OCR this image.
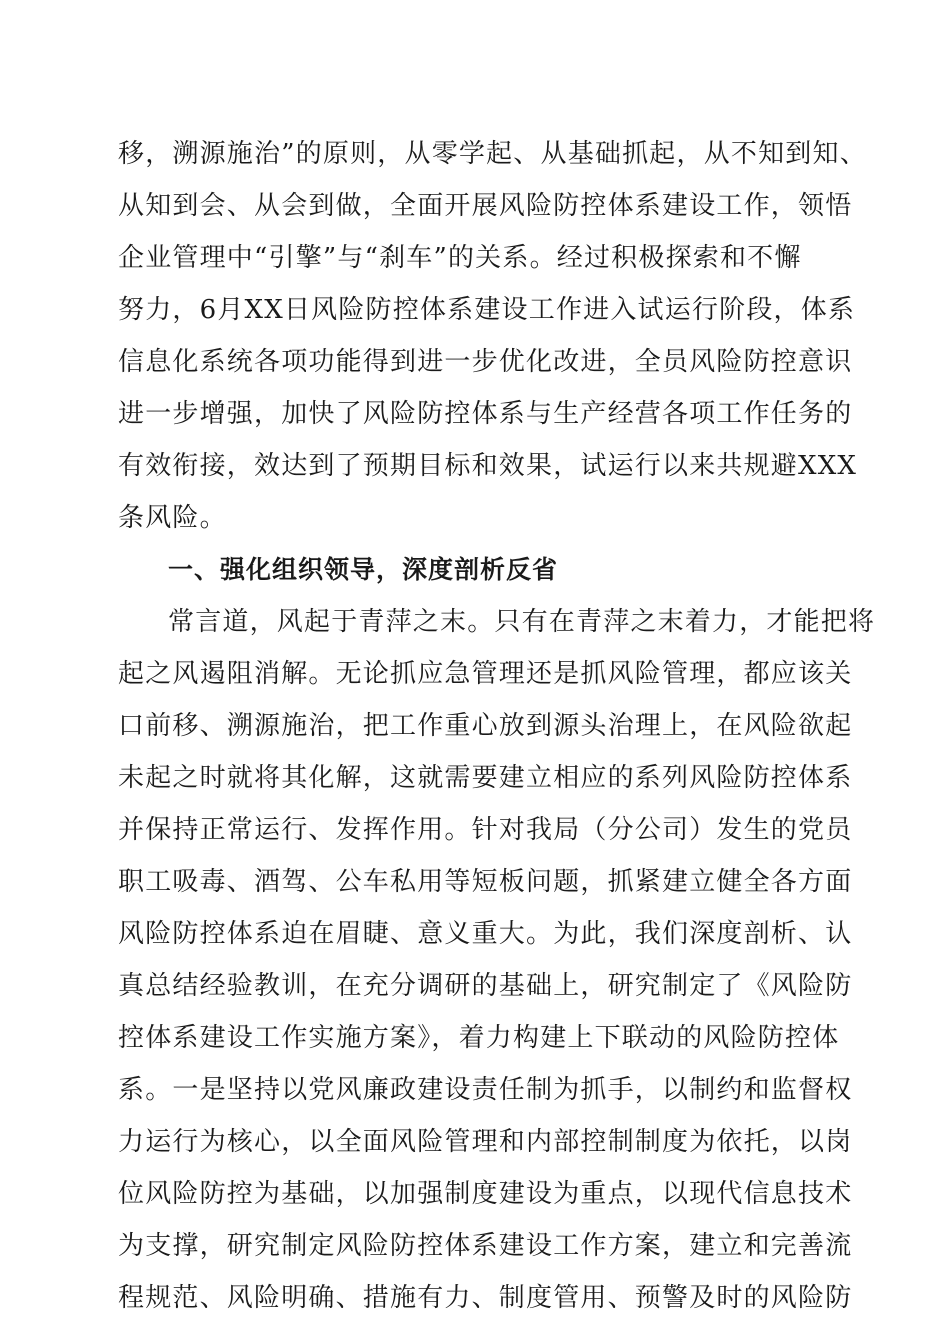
移，溯源施治”的原则，从零学起、从基础抓起，从不知到知、
从知到会、从会到做，全面开展风险防控体系建设工作，领悟
企业管理中“引擎”与“刹车”的关系。经过积极探索和不懈
努力，6月XX日风险防控体系建设工作进入试运行阶段，体系
信息化系统各项功能得到进一步优化改进，全员风险防控意识
进一步增强，加快了风险防控体系与生产经营各项工作任务的
有效衔接，效达到了预期目标和效果，试运行以来共规避XXX
条风险。
一、强化组织领导，深度剖析反省
常言道，风起于青萍之末。只有在青萍之末着力，才能把将
起之风遏阻消解。无论抓应急管理还是抓风险管理，都应该关
口前移、溯源施治，把工作重心放到源头治理上，在风险欲起
未起之时就将其化解，这就需要建立相应的系列风险防控体系
并保持正常运行、发挥作用。针对我局（分公司）发生的党员
职工吸毒、酒驾、公车私用等短板问题，抓紧建立健全各方面
风险防控体系迫在眉睫、意义重大。为此，我们深度剖析、认
真总结经验教训，在充分调研的基础上，研究制定了《风险防
控体系建设工作实施方案》，着力构建上下联动的风险防控体
系。一是坚持以党风廉政建设责任制为抓手，以制约和监督权
力运行为核心，以全面风险管理和内部控制制度为依托，以岗
位风险防控为基础，以加强制度建设为重点，以现代信息技术
为支撑，研究制定风险防控体系建设工作方案，建立和完善流
程规范、风险明确、措施有力、制度管用、预警及时的风险防
